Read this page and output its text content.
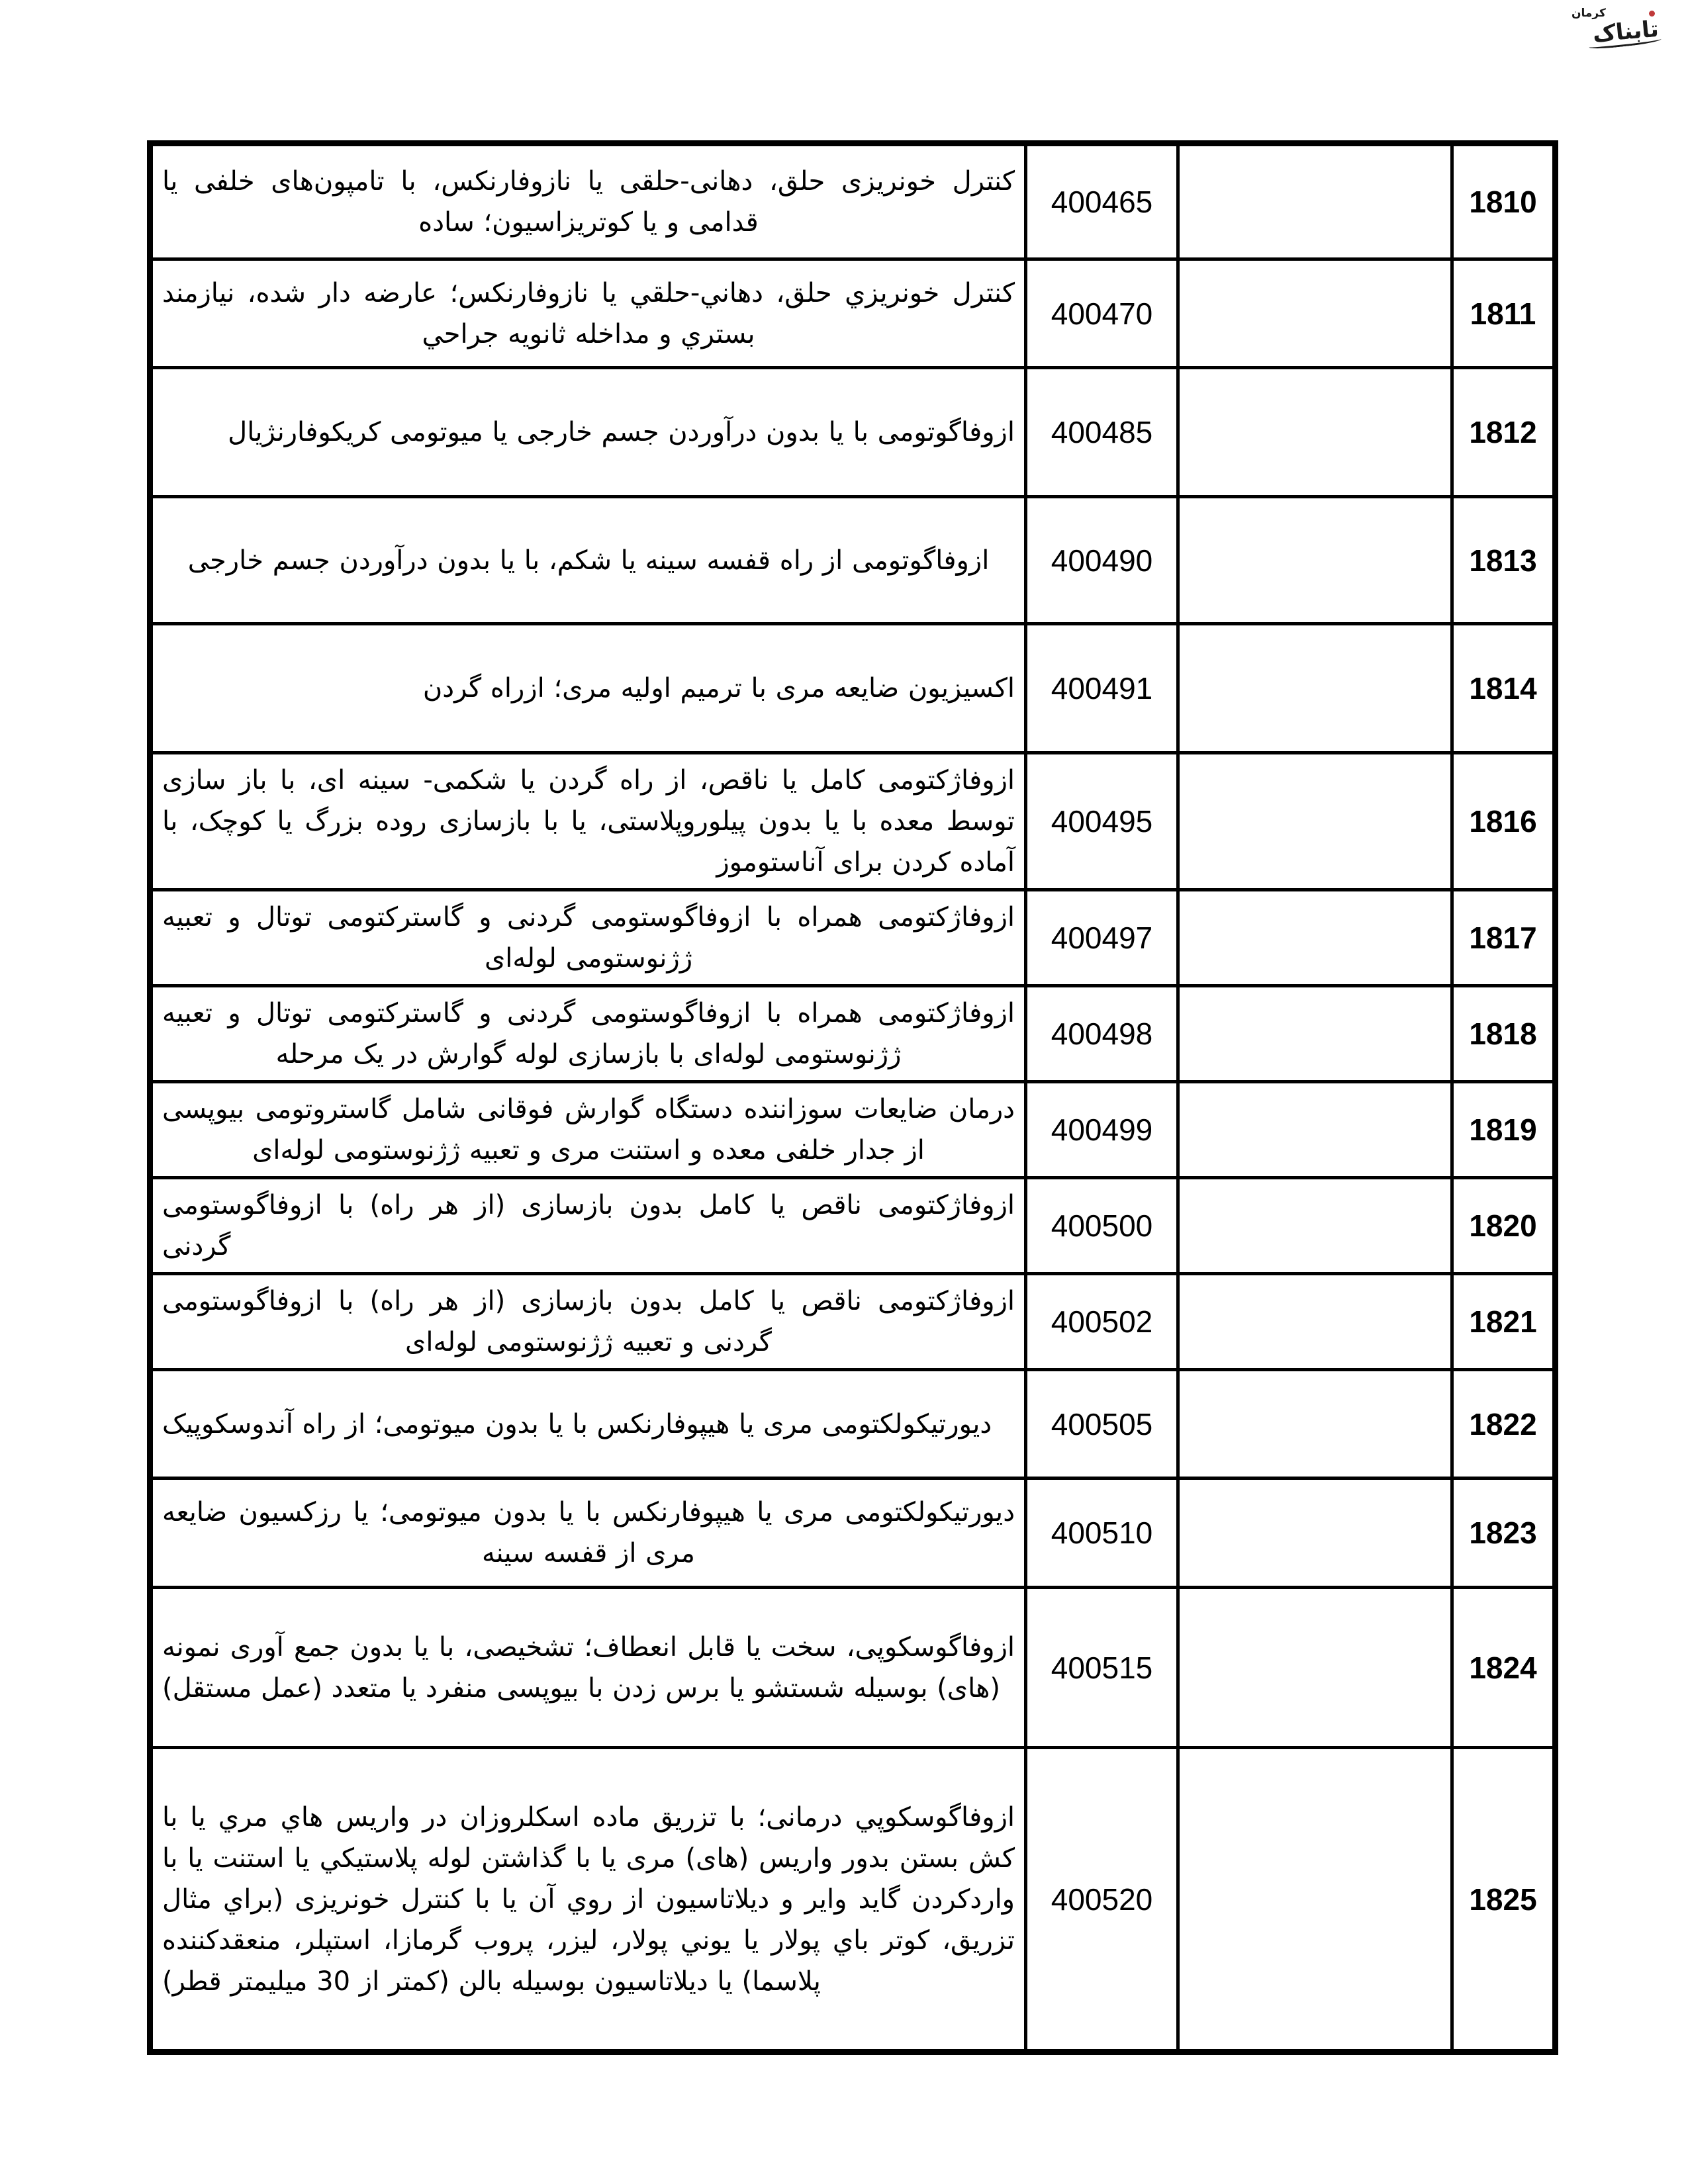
کرمان
تابناک
کنترل خونریزی حلق، دهانی-حلقی یا نازوفارنکس، با تامپون‌های خلفی یا قدامی و یا کوتریزاسیون؛ ساده	400465		1810
کنترل خونریزي حلق، دهاني-حلقي یا نازوفارنکس؛ عارضه دار شده، نیازمند بستري و مداخله ثانویه جراحي	400470		1811
ازوفاگوتومی با یا بدون درآوردن جسم خارجی یا میوتومی کریکوفارنژیال	400485		1812
ازوفاگوتومی از راه قفسه سینه یا شکم، با یا بدون درآوردن جسم خارجی	400490		1813
اکسیزیون ضایعه مری با ترمیم اولیه مری؛ ازراه گردن	400491		1814
ازوفاژکتومی کامل یا ناقص، از راه گردن یا شکمی- سینه ای، با باز سازی توسط معده با یا بدون پیلوروپلاستی، یا با بازسازی روده بزرگ یا کوچک، با آماده کردن برای آناستوموز	400495		1816
ازوفاژکتومی همراه با ازوفاگوستومی گردنی و گاسترکتومی توتال و تعبیه ژژنوستومی لوله‌ای	400497		1817
ازوفاژکتومی همراه با ازوفاگوستومی گردنی و گاسترکتومی توتال و تعبیه ژژنوستومی لوله‌ای با بازسازی لوله گوارش در یک مرحله	400498		1818
درمان ضایعات سوزاننده دستگاه گوارش فوقانی شامل گاستروتومی بیوپسی از جدار خلفی معده و استنت مری و تعبیه ژژنوستومی لوله‌ای	400499		1819
ازوفاژکتومی ناقص یا کامل بدون بازسازی (از هر راه) با ازوفاگوستومی گردنی	400500		1820
ازوفاژکتومی ناقص یا کامل بدون بازسازی (از هر راه) با ازوفاگوستومی گردنی و تعبیه ژژنوستومی لوله‌ای	400502		1821
دیورتیکولکتومی مری یا هیپوفارنکس با یا بدون میوتومی؛ از راه آندوسکوپیک	400505		1822
دیورتیکولکتومی مری یا هیپوفارنکس با یا بدون میوتومی؛ یا رزکسیون ضایعه مری از قفسه سینه	400510		1823
ازوفاگوسکوپی، سخت یا قابل انعطاف؛ تشخیصی، با یا بدون جمع آوری نمونه (های) بوسیله شستشو یا برس زدن با بیوپسی منفرد یا متعدد (عمل مستقل)	400515		1824
ازوفاگوسکوپي درمانی؛ با تزریق ماده اسکلروزان در واریس هاي مري یا با کش بستن بدور واریس (های) مری یا با گذاشتن لوله پلاستیکي یا استنت یا با واردکردن گاید وایر و دیلاتاسیون از روي آن یا با کنترل خونریزی (براي مثال تزریق، کوتر باي پولار یا یوني پولار، لیزر، پروب گرمازا، استپلر، منعقدکننده پلاسما) یا دیلاتاسیون بوسیله بالن (کمتر از 30 میلیمتر قطر)	400520		1825
